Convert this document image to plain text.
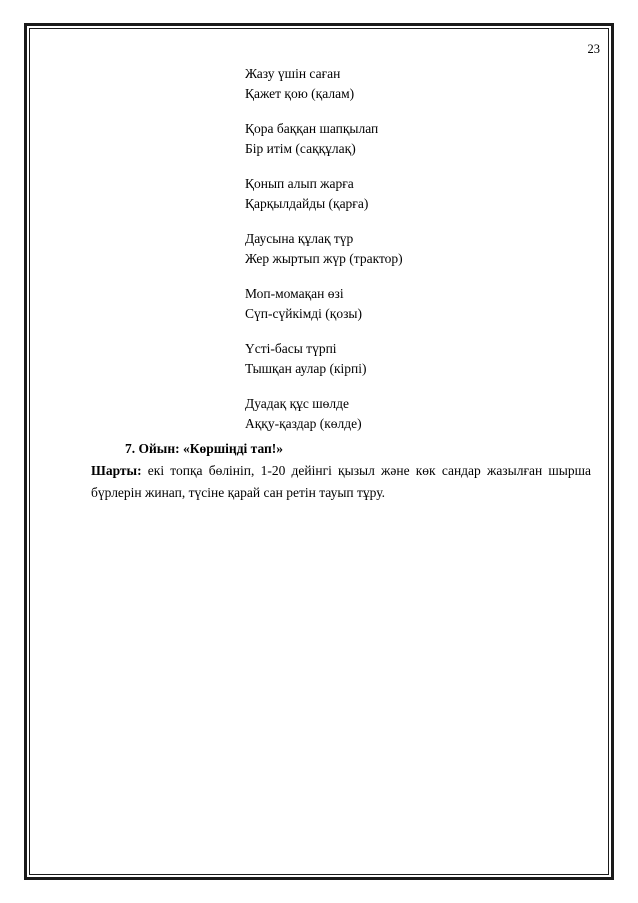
23
Жазу үшін саған
Қажет қою (қалам)
Қора баққан шапқылап
Бір итім (саққұлақ)
Қонып алып жарға
Қарқылдайды (қарға)
Даусына құлақ түр
Жер жыртып жүр (трактор)
Моп-момақан өзі
Сүп-сүйкімді (қозы)
Үсті-басы түрпі
Тышқан аулар (кірпі)
Дуадақ құс шөлде
Аққу-қаздар (көлде)
7. Ойын: «Көршіңді тап!»
Шарты: екі топқа бөлініп, 1-20 дейінгі қызыл және көк сандар жазылған шырша бүрлерін жинап, түсіне қарай сан ретін тауып тұру.
